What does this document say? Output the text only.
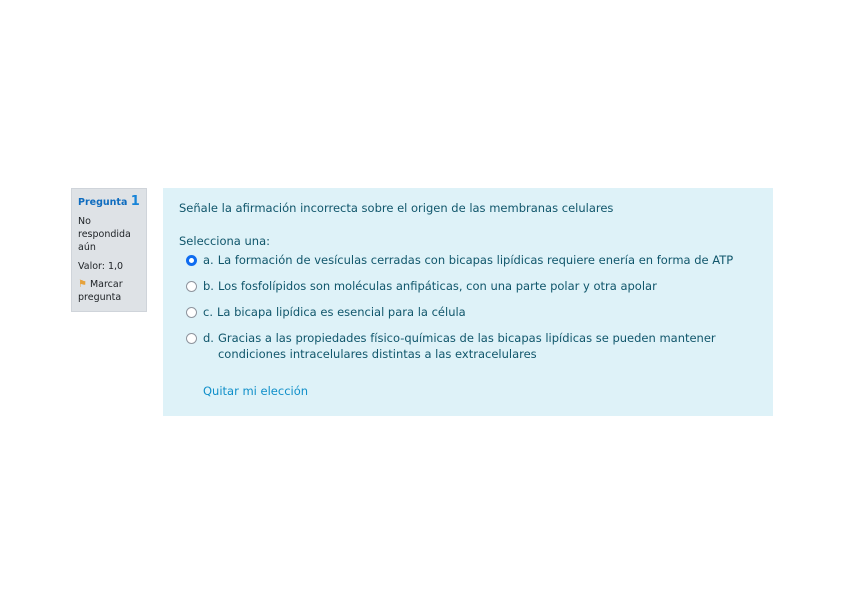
Pregunta 1
No respondida aún
Valor: 1,0
⚑ Marcar pregunta
Señale la afirmación incorrecta sobre el origen de las membranas celulares
Selecciona una:
a. La formación de vesículas cerradas con bicapas lipídicas requiere enería en forma de ATP
b. Los fosfolípidos son moléculas anfipáticas, con una parte polar y otra apolar
c. La bicapa lipídica es esencial para la célula
d. Gracias a las propiedades físico-químicas de las bicapas lipídicas se pueden mantener condiciones intracelulares distintas a las extracelulares
Quitar mi elección
